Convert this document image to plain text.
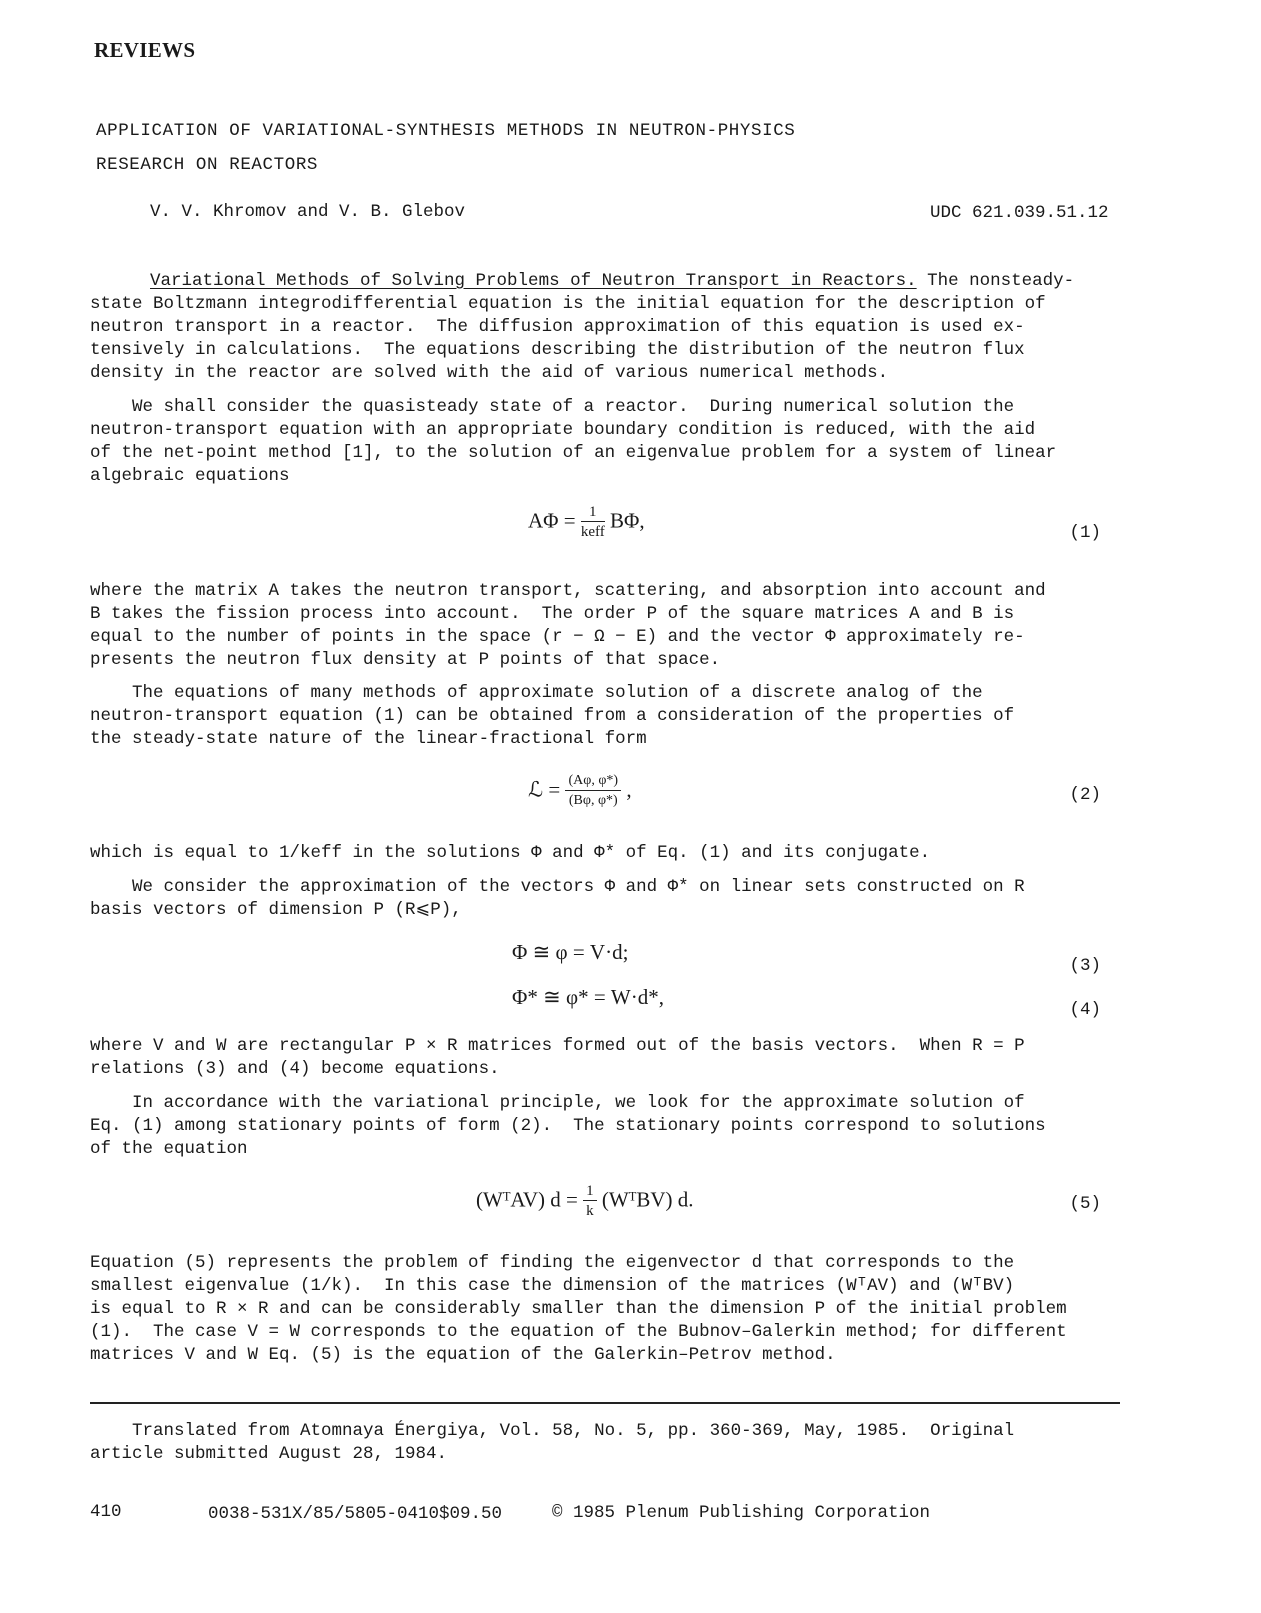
REVIEWS
APPLICATION OF VARIATIONAL-SYNTHESIS METHODS IN NEUTRON-PHYSICS
RESEARCH ON REACTORS
V. V. Khromov and V. B. Glebov	UDC 621.039.51.12
Variational Methods of Solving Problems of Neutron Transport in Reactors. The nonsteady-
state Boltzmann integrodifferential equation is the initial equation for the description of
neutron transport in a reactor.  The diffusion approximation of this equation is used ex-
tensively in calculations.  The equations describing the distribution of the neutron flux
density in the reactor are solved with the aid of various numerical methods.
We shall consider the quasisteady state of a reactor.  During numerical solution the
neutron-transport equation with an appropriate boundary condition is reduced, with the aid
of the net-point method [1], to the solution of an eigenvalue problem for a system of linear
algebraic equations
$A\Phi = \frac{1}{\text{keff}} B\Phi$,
(1)
where the matrix A takes the neutron transport, scattering, and absorption into account and
B takes the fission process into account.  The order P of the square matrices A and B is
equal to the number of points in the space (r − Ω − E) and the vector Φ approximately re-
presents the neutron flux density at P points of that space.
The equations of many methods of approximate solution of a discrete analog of the
neutron-transport equation (1) can be obtained from a consideration of the properties of
the steady-state nature of the linear-fractional form
ℒ = $\frac{(A\varphi, \varphi*)}{(B\varphi, \varphi*)}$ ,	(2)
which is equal to 1/keff in the solutions Φ and Φ* of Eq. (1) and its conjugate.
We consider the approximation of the vectors Φ and Φ* on linear sets constructed on R
basis vectors of dimension P (R⩽P),
Φ ≅ φ = V·d;
(3)
Φ* ≅ φ* = W·d*,
(4)
where V and W are rectangular P × R matrices formed out of the basis vectors.  When R = P
relations (3) and (4) become equations.
In accordance with the variational principle, we look for the approximate solution of
Eq. (1) among stationary points of form (2).  The stationary points correspond to solutions
of the equation
(WᵀAV) $d = \frac{1}{k}$ (WᵀBV) d.	(5)
Equation (5) represents the problem of finding the eigenvector d that corresponds to the
smallest eigenvalue (1/k).  In this case the dimension of the matrices (WᵀAV) and (WᵀBV)
is equal to R × R and can be considerably smaller than the dimension P of the initial problem
(1).  The case V = W corresponds to the equation of the Bubnov–Galerkin method; for different
matrices V and W Eq. (5) is the equation of the Galerkin–Petrov method.
Translated from Atomnaya Énergiya, Vol. 58, No. 5, pp. 360-369, May, 1985.  Original
article submitted August 28, 1984.
410	0038-531X/85/5805-0410$09.50	© 1985 Plenum Publishing Corporation
